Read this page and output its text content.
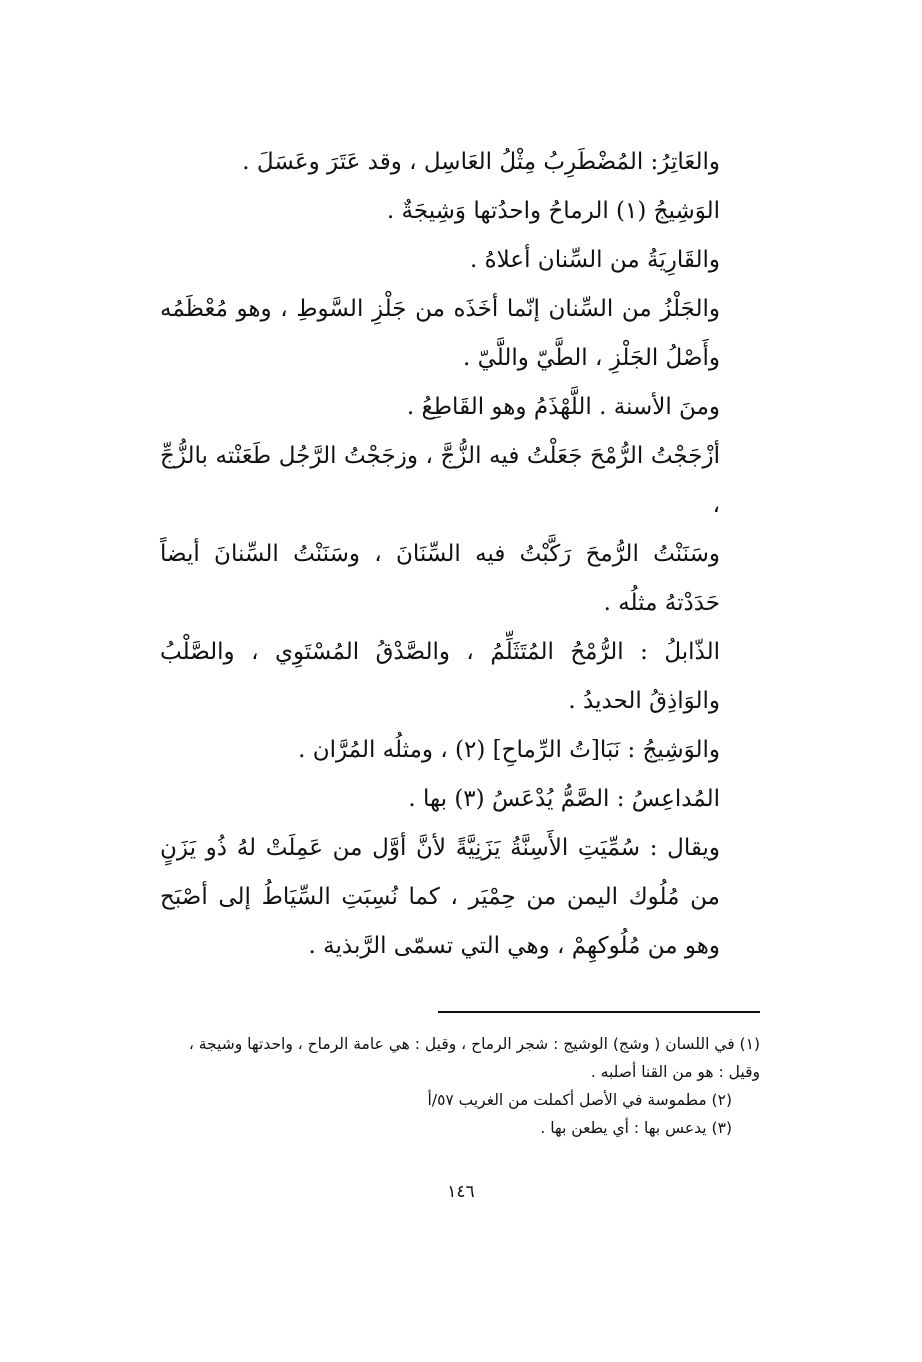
والعَاتِرُ: المُضْطَرِبُ مِثْلُ العَاسِل ، وقد عَتَرَ وعَسَلَ .

الوَشِيجُ (١) الرماحُ واحدُتها وَشِيجَةٌ .

والقَارِيَةُ من السِّنان أعلاهُ .

والجَلْزُ من السِّنان إنّما أخَذَه من جَلْزِ السَّوطِ ، وهو مُعْظَمُه وأَصْلُ الجَلْزِ ، الطَّيّ واللَّيّ .

ومنَ الأسنة . اللَّهْذَمُ وهو القَاطِعُ .

أزْجَجْتُ الرُّمْحَ جَعَلْتُ فيه الزُّجَّ ، وزجَجْتُ الرَّجُل طَعَنْته بالزُّجِّ ،

وسَنَنْتُ الرُّمحَ رَكَّبْتُ فيه السِّنَانَ ، وسَنَنْتُ السِّنانَ أيضاً حَدَدْتهُ مثلُه .

الذّابلُ : الرُّمْحُ المُتَثَلِّمُ ، والصَّدْقُ المُسْتَوِي ، والصَّلْبُ والوَاذِقُ الحديدُ .

والوَشِيجُ : نَبَا[تُ الرِّماحِ] (٢) ، ومثلُه المُرَّان .

المُداعِسُ : الصَّمُّ يُدْعَسُ (٣) بها .

ويقال : سُمِّيَتِ الأَسِنَّةُ يَزَنِيَّةً لأنَّ أوَّل من عَمِلَتْ لهُ ذُو يَزَنٍ من مُلُوك اليمن من حِمْيَر ، كما نُسِبَتِ السِّيَاطُ إلى أصْبَح وهو من مُلُوكهِمْ ، وهي التي تسمّى الرَّبذية .

(١) في اللسان ( وشج) الوشيج : شجر الرماح ، وقيل : هي عامة الرماح ، واحدتها وشيجة ، وقيل : هو من القنا أصلبه .

(٢) مطموسة في الأصل أكملت من الغريب ٥٧/أ

(٣) يدعس بها : أي يطعن بها .

١٤٦
